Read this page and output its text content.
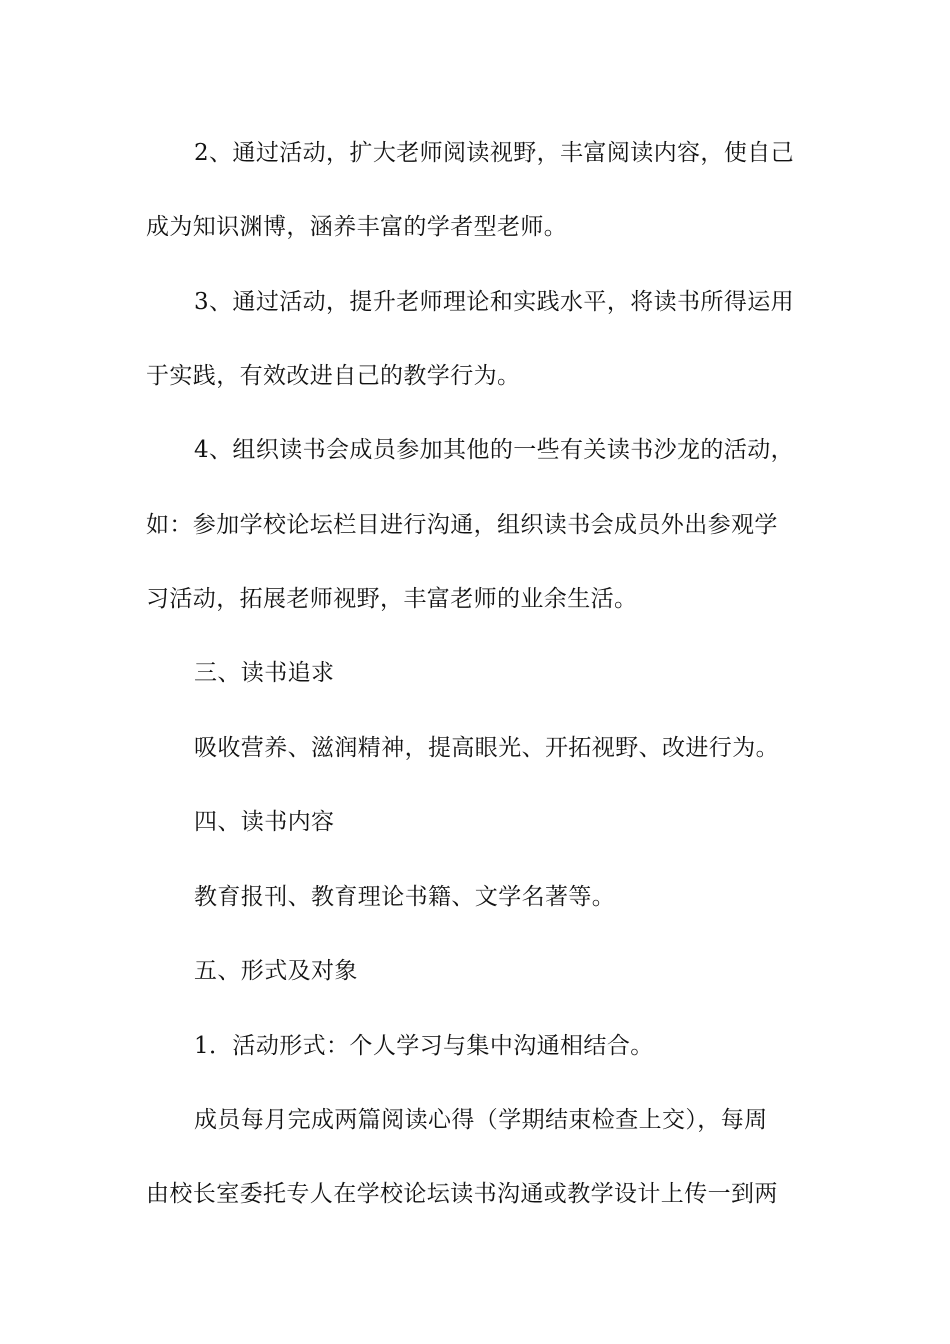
2、通过活动，扩大老师阅读视野，丰富阅读内容，使自己
成为知识渊博，涵养丰富的学者型老师。
3、通过活动，提升老师理论和实践水平，将读书所得运用
于实践，有效改进自己的教学行为。
4、组织读书会成员参加其他的一些有关读书沙龙的活动，
如：参加学校论坛栏目进行沟通，组织读书会成员外出参观学
习活动，拓展老师视野，丰富老师的业余生活。
三、读书追求
吸收营养、滋润精神，提高眼光、开拓视野、改进行为。
四、读书内容
教育报刊、教育理论书籍、文学名著等。
五、形式及对象
1．活动形式：个人学习与集中沟通相结合。
成员每月完成两篇阅读心得（学期结束检查上交），每周
由校长室委托专人在学校论坛读书沟通或教学设计上传一到两
